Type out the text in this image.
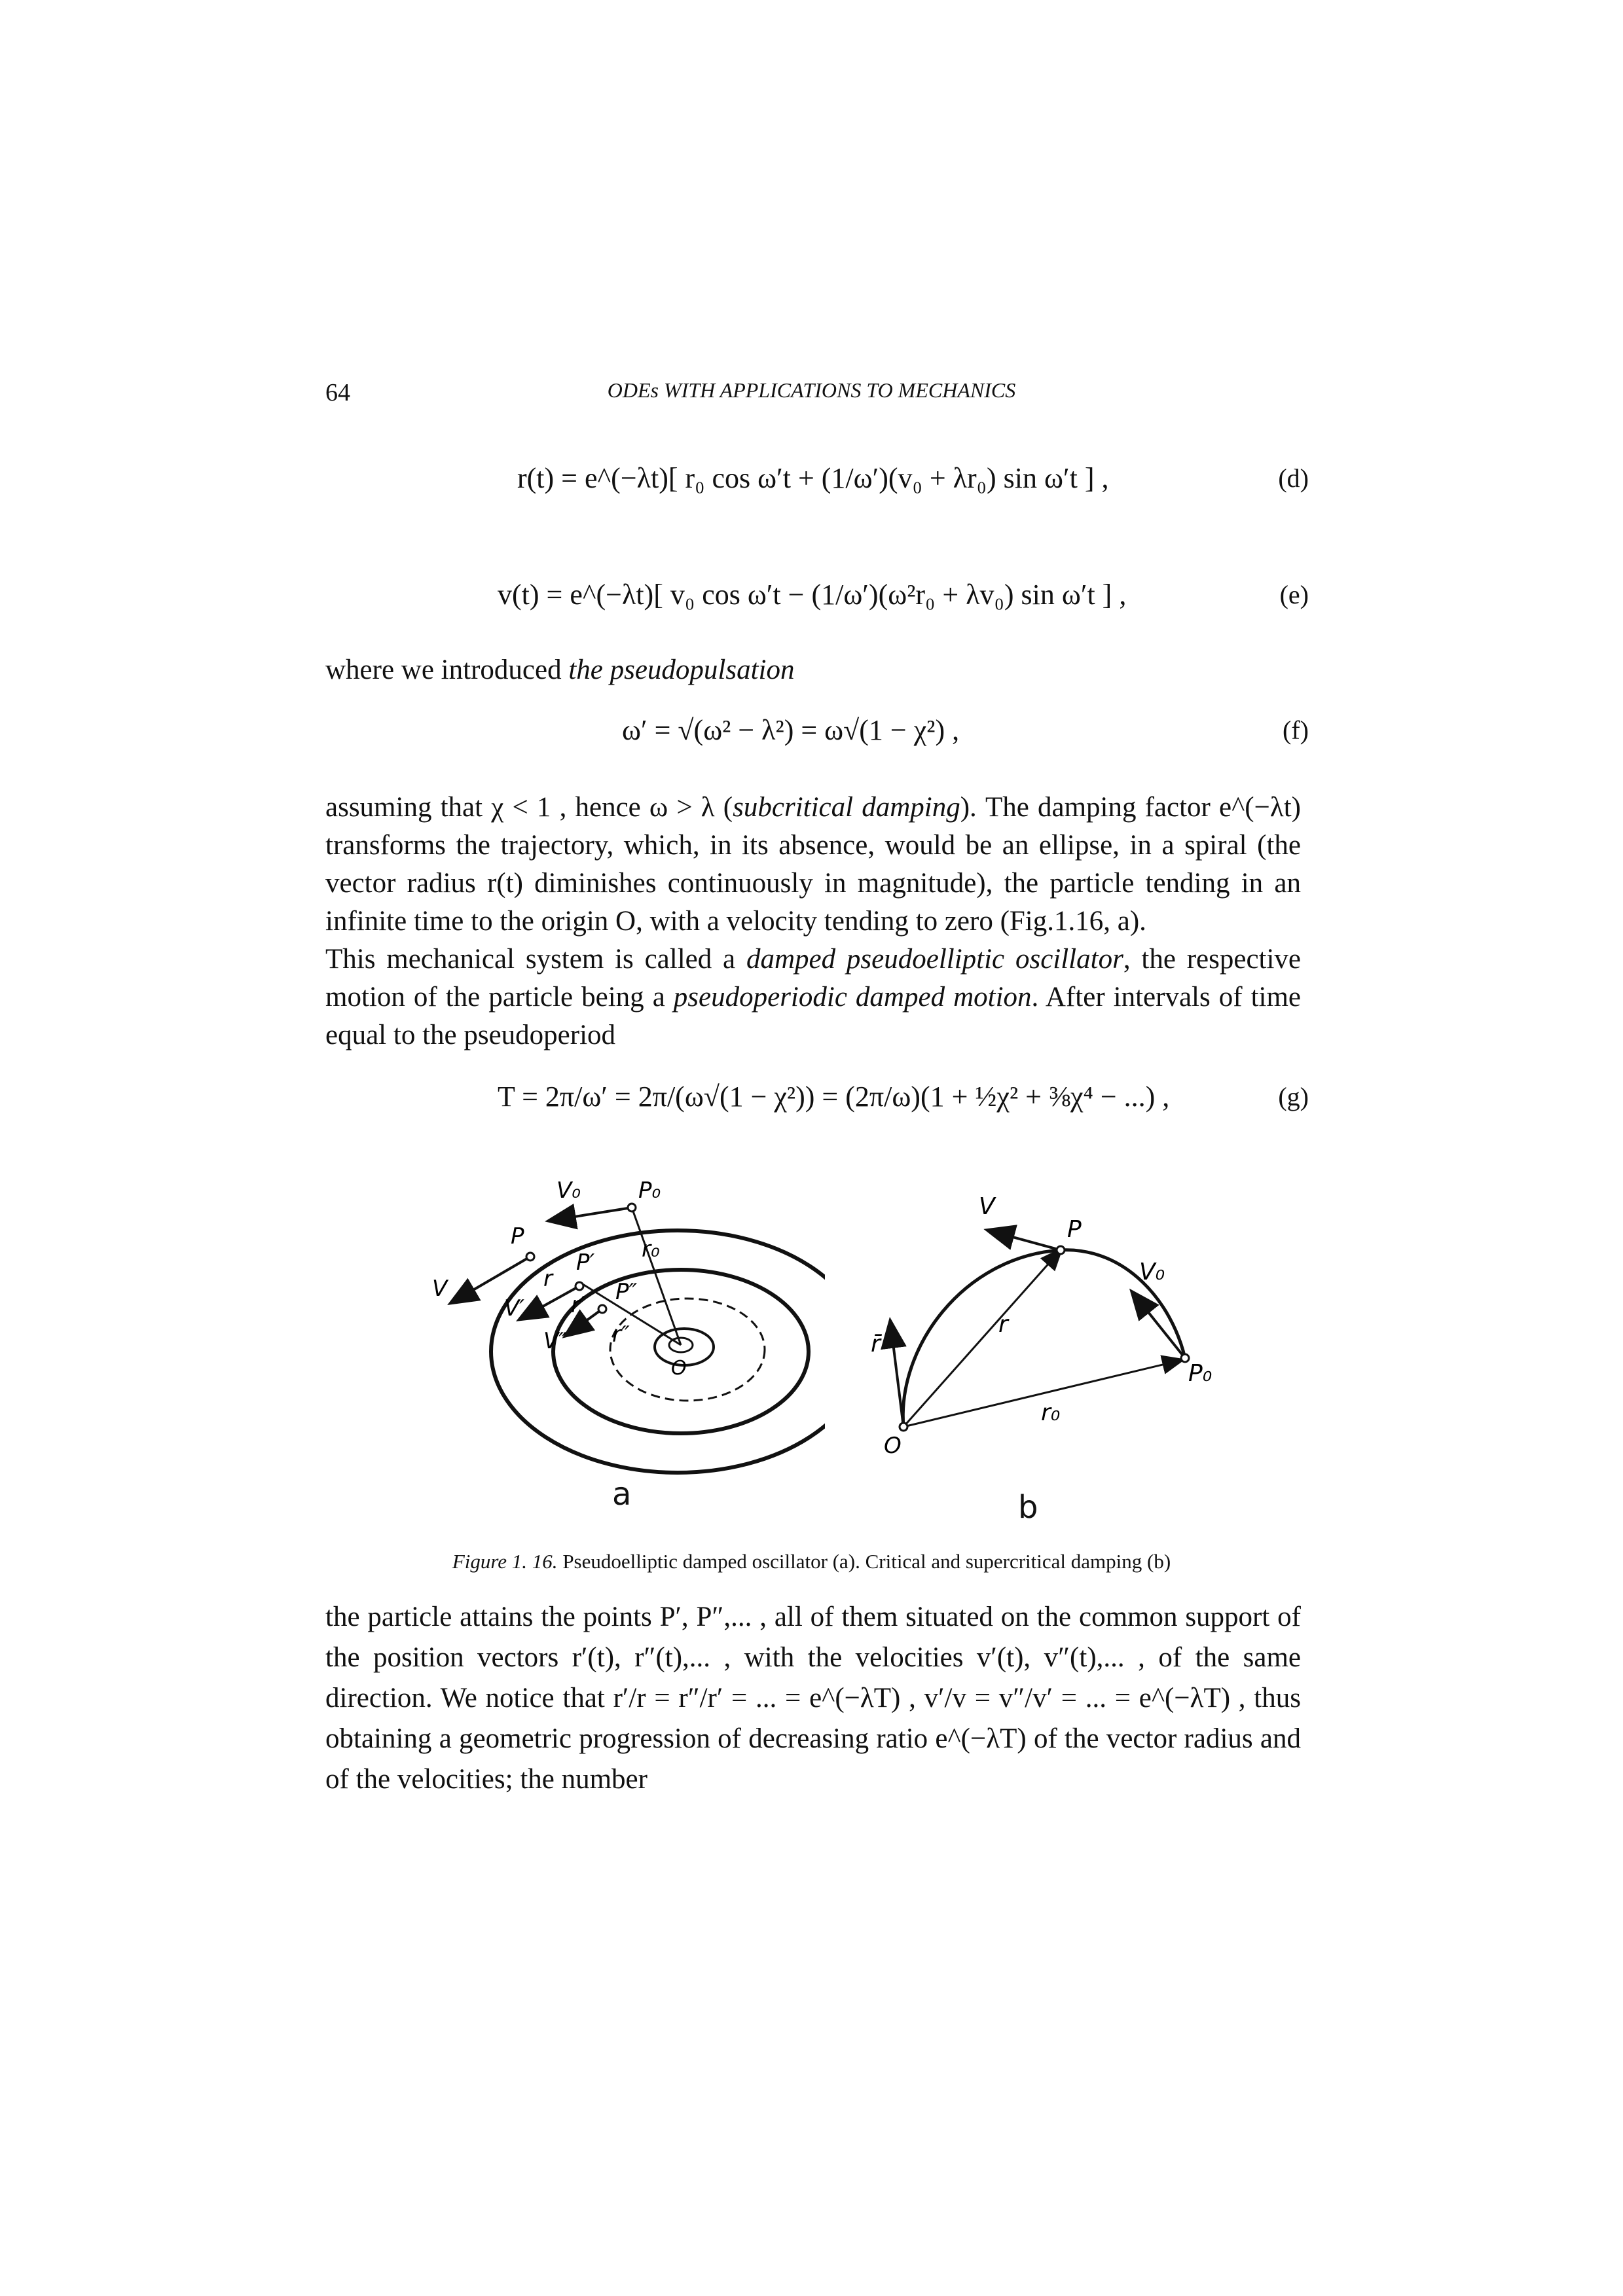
64	ODEs WITH APPLICATIONS TO MECHANICS
r(t) = e^(−λt)[ r₀ cos ω′t + (1/ω′)(v₀ + λr₀) sin ω′t ] ,	(d)
v(t) = e^(−λt)[ v₀ cos ω′t − (1/ω′)(ω²r₀ + λv₀) sin ω′t ] ,	(e)
where we introduced the pseudopulsation
ω′ = √(ω² − λ²) = ω√(1 − χ²) ,	(f)

assuming that χ < 1 , hence ω > λ (subcritical damping). The damping factor e^(−λt) transforms the trajectory, which, in its absence, would be an ellipse, in a spiral (the vector radius r(t) diminishes continuously in magnitude), the particle tending in an infinite time to the origin O, with a velocity tending to zero (Fig.1.16, a).

This mechanical system is called a damped pseudoelliptic oscillator, the respective motion of the particle being a pseudoperiodic damped motion. After intervals of time equal to the pseudoperiod

T = 2π/ω′ = 2π/(ω√(1 − χ²)) = (2π/ω)(1 + ½χ² + ⅜χ⁴ − ...) ,	(g)
V₀	P₀
P
V
P′ r₀
r
V′ r′ P″
V″ r″
O
a
V
P
V₀
r
r̄
P₀
r₀
O
b
Figure 1. 16. Pseudoelliptic damped oscillator (a). Critical and supercritical damping (b)

the particle attains the points P′, P″,... , all of them situated on the common support of the position vectors r′(t), r″(t),... , with the velocities v′(t), v″(t),... , of the same direction. We notice that r′/r = r″/r′ = ... = e^(−λT) , v′/v = v″/v′ = ... = e^(−λT) , thus obtaining a geometric progression of decreasing ratio e^(−λT) of the vector radius and of the velocities; the number
